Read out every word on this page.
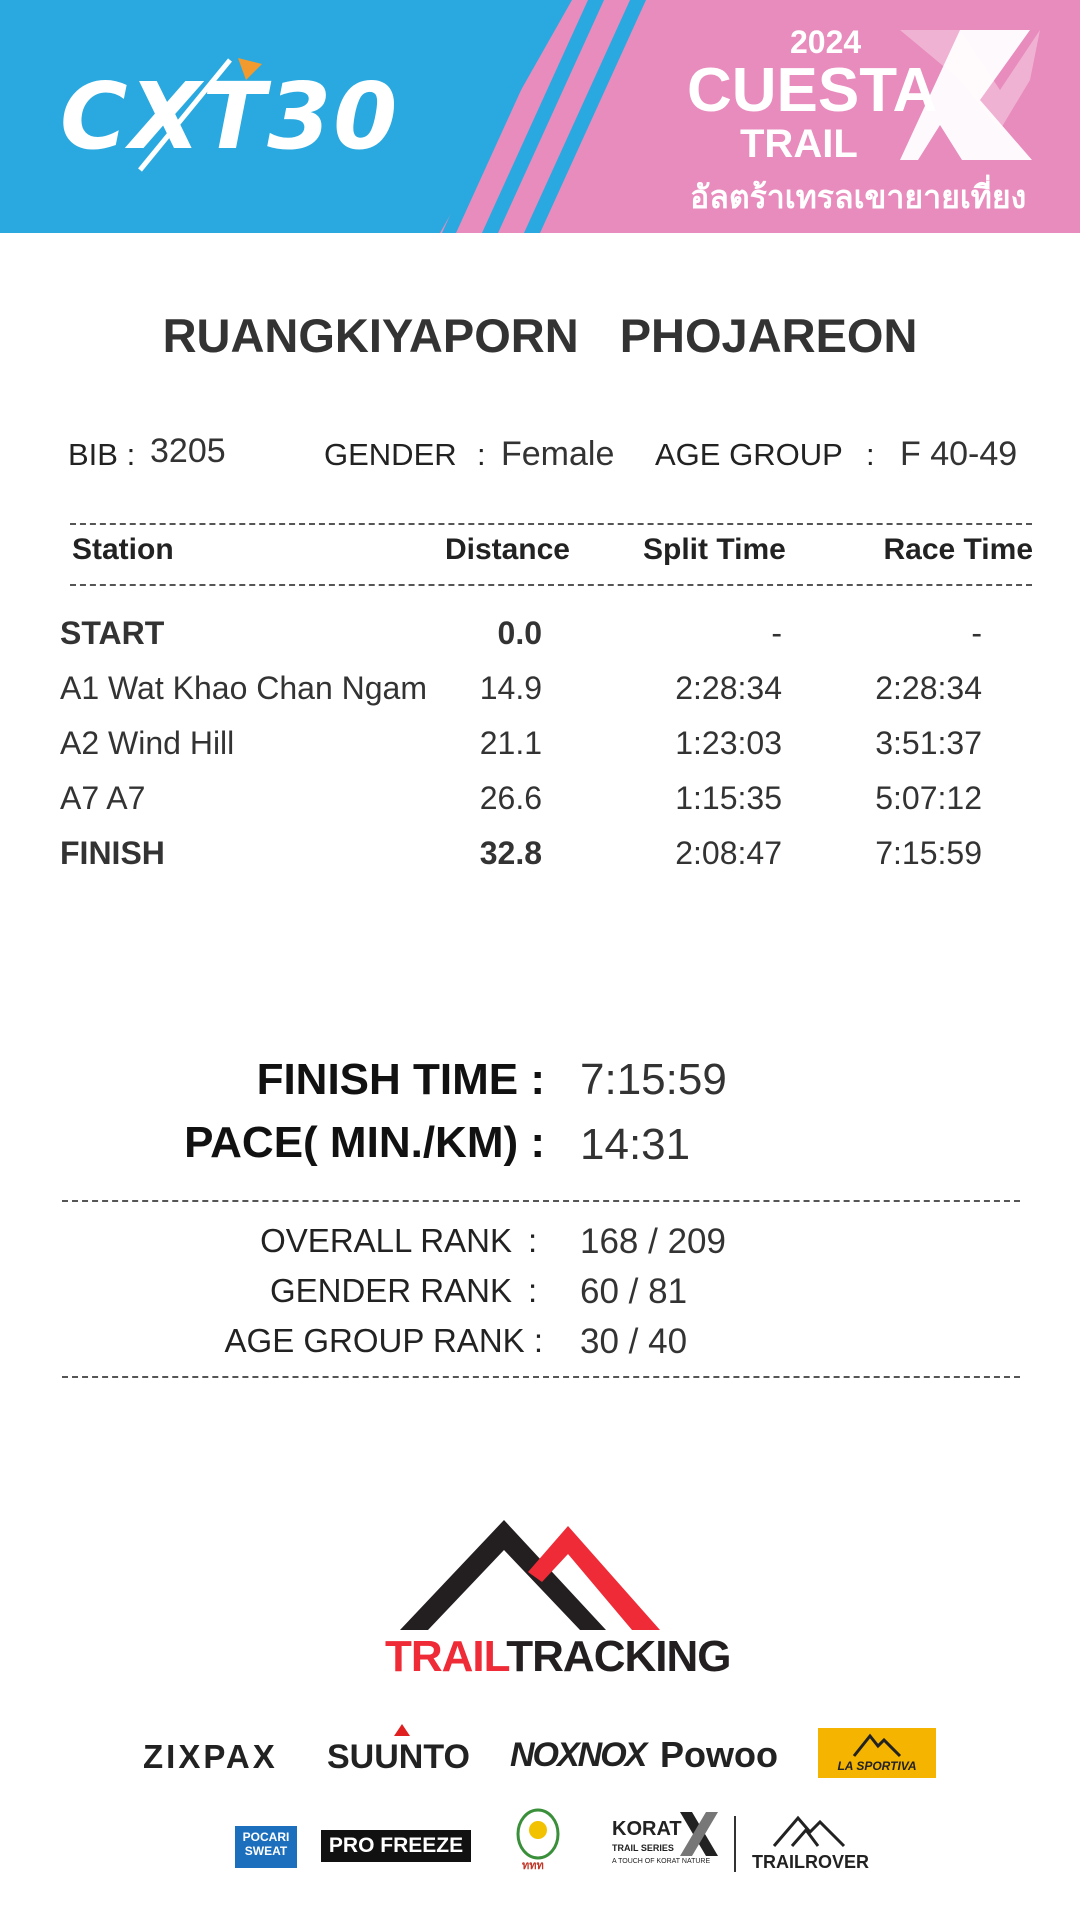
CXT30
2024
CUESTA
TRAIL
อัลตร้าเทรลเขายายเที่ยง
RUANGKIYAPORN PHOJAREON
BIB : 3205	GENDER : Female AGE GROUP : F 40-49
Station	Distance Split Time	Race Time
START	0.0	-	-
A1 Wat Khao Chan Ngam	14.9	2:28:34	2:28:34
A2 Wind Hill	21.1	1:23:03	3:51:37
A7 A7	26.6	1:15:35	5:07:12
FINISH	32.8	2:08:47	7:15:59
FINISH TIME : 7:15:59
PACE( MIN./KM) : 14:31
OVERALL RANK : 168 / 209
GENDER RANK : 60 / 81
AGE GROUP RANK : 30 / 40
TRAILTRACKING
ZIXPAX SUUNTO NOXNOX Powoo	LA SPORTIVA
POCARI SWEAT	PRO FREEZE
ททท
KORAT
TRAIL SERIES
A TOUCH OF KORAT NATURE TRAILROVER
